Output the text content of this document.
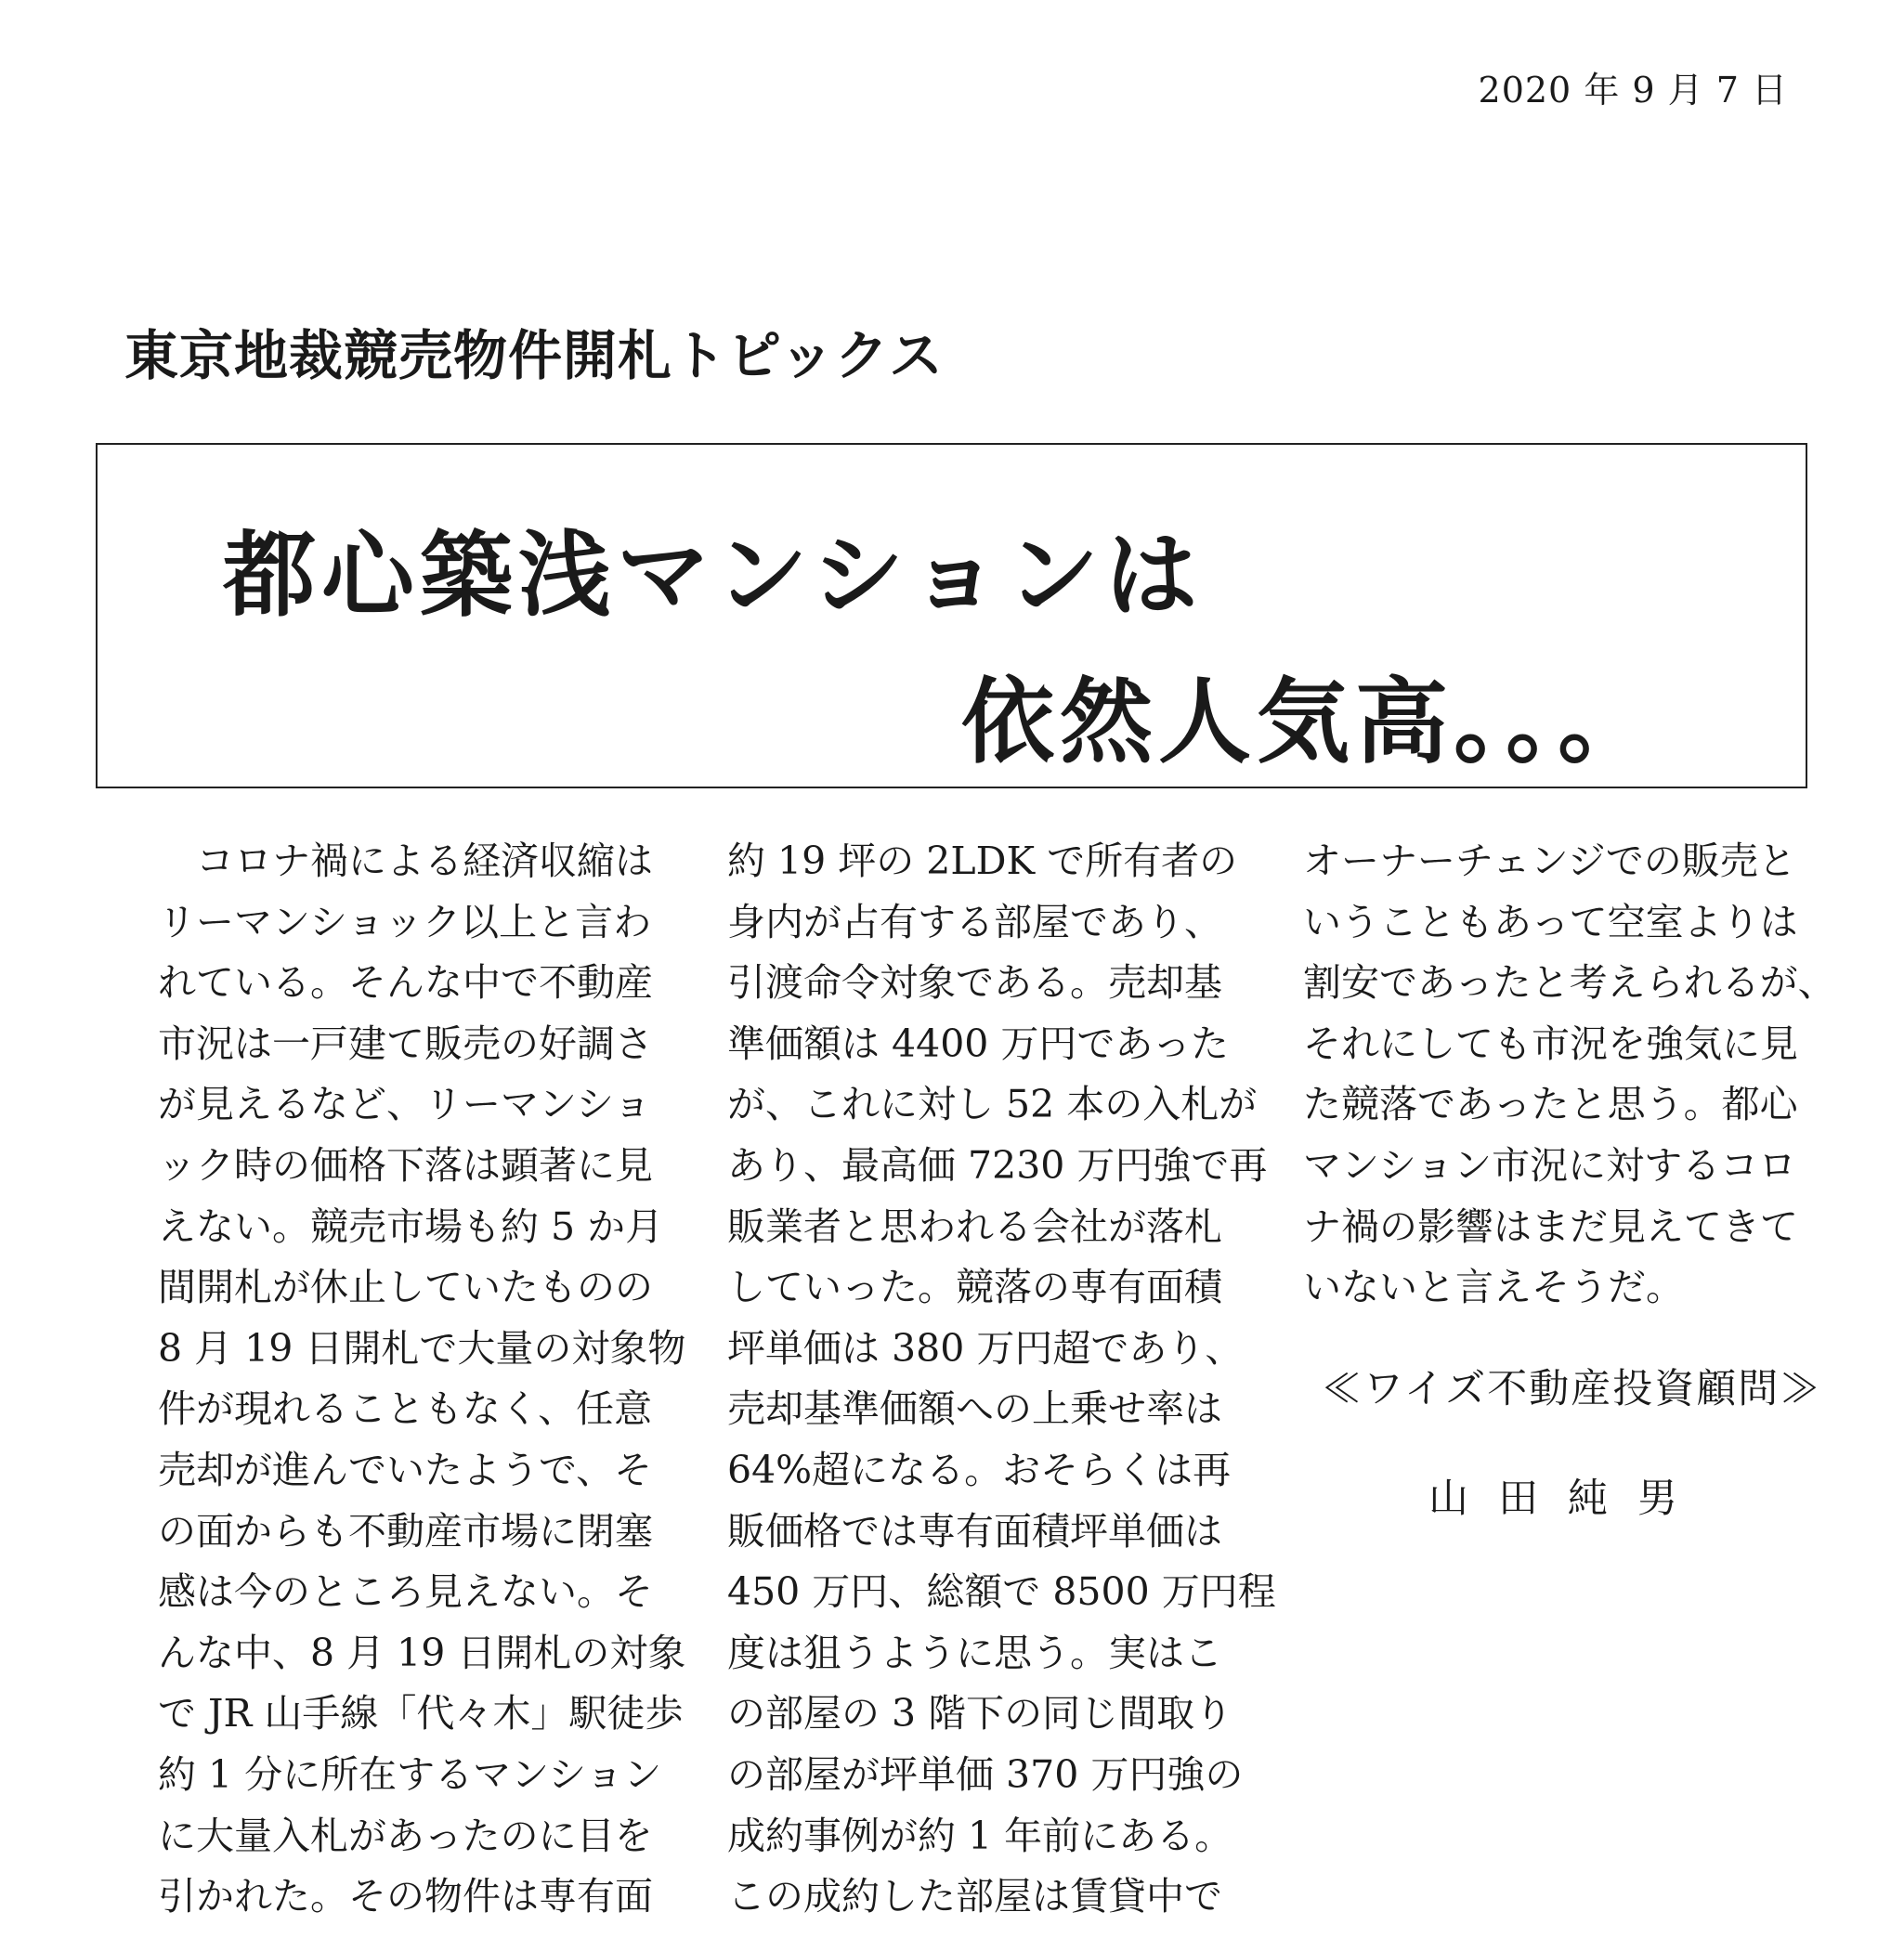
2020 年 9 月 7 日
東京地裁競売物件開札トピックス
都心築浅マンションは
依然人気高。。。
　コロナ禍による経済収縮は
リーマンショック以上と言わ
れている。そんな中で不動産
市況は一戸建て販売の好調さ
が見えるなど、リーマンショ
ック時の価格下落は顕著に見
えない。競売市場も約 5 か月
間開札が休止していたものの
8 月 19 日開札で大量の対象物
件が現れることもなく、任意
売却が進んでいたようで、そ
の面からも不動産市場に閉塞
感は今のところ見えない。そ
んな中、8 月 19 日開札の対象
で JR 山手線「代々木」駅徒歩
約 1 分に所在するマンション
に大量入札があったのに目を
引かれた。その物件は専有面
約 19 坪の 2LDK で所有者の
身内が占有する部屋であり、
引渡命令対象である。売却基
準価額は 4400 万円であった
が、これに対し 52 本の入札が
あり、最高価 7230 万円強で再
販業者と思われる会社が落札
していった。競落の専有面積
坪単価は 380 万円超であり、
売却基準価額への上乗せ率は
64%超になる。おそらくは再
販価格では専有面積坪単価は
450 万円、総額で 8500 万円程
度は狙うように思う。実はこ
の部屋の 3 階下の同じ間取り
の部屋が坪単価 370 万円強の
成約事例が約 1 年前にある。
この成約した部屋は賃貸中で
オーナーチェンジでの販売と
いうこともあって空室よりは
割安であったと考えられるが、
それにしても市況を強気に見
た競落であったと思う。都心
マンション市況に対するコロ
ナ禍の影響はまだ見えてきて
いないと言えそうだ。
≪ワイズ不動産投資顧問≫
山田純男
